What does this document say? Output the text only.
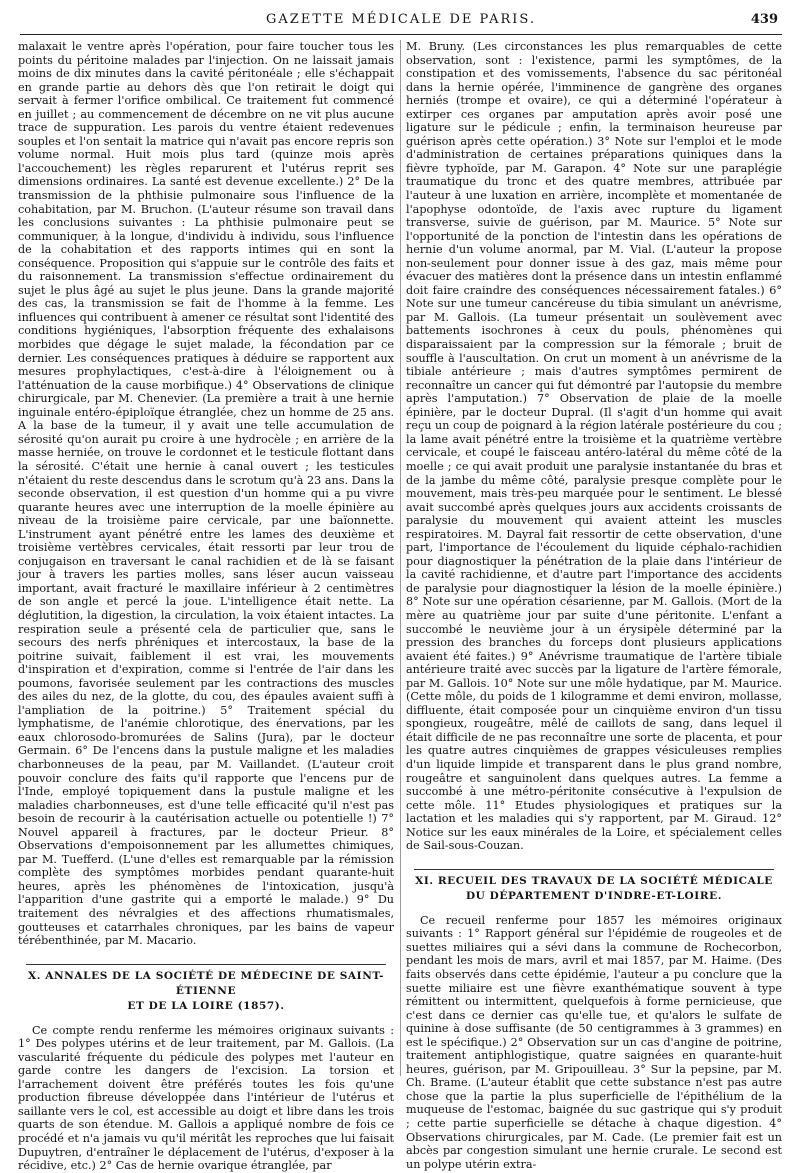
GAZETTE MÉDICALE DE PARIS.	439

malaxait le ventre après l'opération, pour faire toucher tous les points du péritoine malades par l'injection. On ne laissait jamais moins de dix minutes dans la cavité péritonéale ; elle s'échappait en grande partie au dehors dès que l'on retirait le doigt qui servait à fermer l'orifice ombilical. Ce traitement fut commencé en juillet ; au commencement de décembre on ne vit plus aucune trace de suppuration. Les parois du ventre étaient redevenues souples et l'on sentait la matrice qui n'avait pas encore repris son volume normal. Huit mois plus tard (quinze mois après l'accouchement) les règles reparurent et l'utérus reprit ses dimensions ordinaires. La santé est devenue excellente.) 2° De la transmission de la phthisie pulmonaire sous l'influence de la cohabitation, par M. Bruchon. (L'auteur résume son travail dans les conclusions suivantes : La phthisie pulmonaire peut se communiquer, à la longue, d'individu à individu, sous l'influence de la cohabitation et des rapports intimes qui en sont la conséquence. Proposition qui s'appuie sur le contrôle des faits et du raisonnement. La transmission s'effectue ordinairement du sujet le plus âgé au sujet le plus jeune. Dans la grande majorité des cas, la transmission se fait de l'homme à la femme. Les influences qui contribuent à amener ce résultat sont l'identité des conditions hygiéniques, l'absorption fréquente des exhalaisons morbides que dégage le sujet malade, la fécondation par ce dernier. Les conséquences pratiques à déduire se rapportent aux mesures prophylactiques, c'est-à-dire à l'éloignement ou à l'atténuation de la cause morbifique.) 4° Observations de clinique chirurgicale, par M. Chenevier. (La première a trait à une hernie inguinale entéro-épiploïque étranglée, chez un homme de 25 ans. A la base de la tumeur, il y avait une telle accumulation de sérosité qu'on aurait pu croire à une hydrocèle ; en arrière de la masse herniée, on trouve le cordonnet et le testicule flottant dans la sérosité. C'était une hernie à canal ouvert ; les testicules n'étaient du reste descendus dans le scrotum qu'à 23 ans. Dans la seconde observation, il est question d'un homme qui a pu vivre quarante heures avec une interruption de la moelle épinière au niveau de la troisième paire cervicale, par une baïonnette. L'instrument ayant pénétré entre les lames des deuxième et troisième vertèbres cervicales, était ressorti par leur trou de conjugaison en traversant le canal rachidien et de là se faisant jour à travers les parties molles, sans léser aucun vaisseau important, avait fracturé le maxillaire inférieur à 2 centimètres de son angle et percé la joue. L'intelligence était nette. La déglutition, la digestion, la circulation, la voix étaient intactes. La respiration seule a présenté cela de particulier que, sans le secours des nerfs phréniques et intercostaux, la base de la poitrine suivait, faiblement il est vrai, les mouvements d'inspiration et d'expiration, comme si l'entrée de l'air dans les poumons, favorisée seulement par les contractions des muscles des ailes du nez, de la glotte, du cou, des épaules avaient suffi à l'ampliation de la poitrine.) 5° Traitement spécial du lymphatisme, de l'anémie chlorotique, des énervations, par les eaux chlorosodo-bromurées de Salins (Jura), par le docteur Germain. 6° De l'encens dans la pustule maligne et les maladies charbonneuses de la peau, par M. Vaillandet. (L'auteur croit pouvoir conclure des faits qu'il rapporte que l'encens pur de l'Inde, employé topiquement dans la pustule maligne et les maladies charbonneuses, est d'une telle efficacité qu'il n'est pas besoin de recourir à la cautérisation actuelle ou potentielle !) 7° Nouvel appareil à fractures, par le docteur Prieur. 8° Observations d'empoisonnement par les allumettes chimiques, par M. Tuefferd. (L'une d'elles est remarquable par la rémission complète des symptômes morbides pendant quarante-huit heures, après les phénomènes de l'intoxication, jusqu'à l'apparition d'une gastrite qui a emporté le malade.) 9° Du traitement des névralgies et des affections rhumatismales, goutteuses et catarrhales chroniques, par les bains de vapeur térébenthinée, par M. Macario.

X. ANNALES DE LA SOCIÉTÉ DE MÉDECINE DE SAINT-ÉTIENNE
ET DE LA LOIRE (1857).

Ce compte rendu renferme les mémoires originaux suivants : 1° Des polypes utérins et de leur traitement, par M. Gallois. (La vascularité fréquente du pédicule des polypes met l'auteur en garde contre les dangers de l'excision. La torsion et l'arrachement doivent être préférés toutes les fois qu'une production fibreuse développée dans l'intérieur de l'utérus et saillante vers le col, est accessible au doigt et libre dans les trois quarts de son étendue. M. Gallois a appliqué nombre de fois ce procédé et n'a jamais vu qu'il méritât les reproches que lui faisait Dupuytren, d'entraîner le déplacement de l'utérus, d'exposer à la récidive, etc.) 2° Cas de hernie ovarique étranglée, par

M. Bruny. (Les circonstances les plus remarquables de cette observation, sont : l'existence, parmi les symptômes, de la constipation et des vomissements, l'absence du sac péritonéal dans la hernie opérée, l'imminence de gangrène des organes herniés (trompe et ovaire), ce qui a déterminé l'opérateur à extirper ces organes par amputation après avoir posé une ligature sur le pédicule ; enfin, la terminaison heureuse par guérison après cette opération.) 3° Note sur l'emploi et le mode d'administration de certaines préparations quiniques dans la fièvre typhoïde, par M. Garapon. 4° Note sur une paraplégie traumatique du tronc et des quatre membres, attribuée par l'auteur à une luxation en arrière, incomplète et momentanée de l'apophyse odontoïde, de l'axis avec rupture du ligament transverse, suivie de guérison, par M. Maurice. 5° Note sur l'opportunité de la ponction de l'intestin dans les opérations de hernie d'un volume anormal, par M. Vial. (L'auteur la propose non-seulement pour donner issue à des gaz, mais même pour évacuer des matières dont la présence dans un intestin enflammé doit faire craindre des conséquences nécessairement fatales.) 6° Note sur une tumeur cancéreuse du tibia simulant un anévrisme, par M. Gallois. (La tumeur présentait un soulèvement avec battements isochrones à ceux du pouls, phénomènes qui disparaissaient par la compression sur la fémorale ; bruit de souffle à l'auscultation. On crut un moment à un anévrisme de la tibiale antérieure ; mais d'autres symptômes permirent de reconnaître un cancer qui fut démontré par l'autopsie du membre après l'amputation.) 7° Observation de plaie de la moelle épinière, par le docteur Dupral. (Il s'agit d'un homme qui avait reçu un coup de poignard à la région latérale postérieure du cou ; la lame avait pénétré entre la troisième et la quatrième vertèbre cervicale, et coupé le faisceau antéro-latéral du même côté de la moelle ; ce qui avait produit une paralysie instantanée du bras et de la jambe du même côté, paralysie presque complète pour le mouvement, mais très-peu marquée pour le sentiment. Le blessé avait succombé après quelques jours aux accidents croissants de paralysie du mouvement qui avaient atteint les muscles respiratoires. M. Dayral fait ressortir de cette observation, d'une part, l'importance de l'écoulement du liquide céphalo-rachidien pour diagnostiquer la pénétration de la plaie dans l'intérieur de la cavité rachidienne, et d'autre part l'importance des accidents de paralysie pour diagnostiquer la lésion de la moelle épinière.) 8° Note sur une opération césarienne, par M. Gallois. (Mort de la mère au quatrième jour par suite d'une péritonite. L'enfant a succombé le neuvième jour à un érysipèle déterminé par la pression des branches du forceps dont plusieurs applications avaient été faites.) 9° Anévrisme traumatique de l'artère tibiale antérieure traité avec succès par la ligature de l'artère fémorale, par M. Gallois. 10° Note sur une môle hydatique, par M. Maurice. (Cette môle, du poids de 1 kilogramme et demi environ, mollasse, diffluente, était composée pour un cinquième environ d'un tissu spongieux, rougeâtre, mêlé de caillots de sang, dans lequel il était difficile de ne pas reconnaître une sorte de placenta, et pour les quatre autres cinquièmes de grappes vésiculeuses remplies d'un liquide limpide et transparent dans le plus grand nombre, rougeâtre et sanguinolent dans quelques autres. La femme a succombé à une métro-péritonite consécutive à l'expulsion de cette môle. 11° Etudes physiologiques et pratiques sur la lactation et les maladies qui s'y rapportent, par M. Giraud. 12° Notice sur les eaux minérales de la Loire, et spécialement celles de Sail-sous-Couzan.

XI. RECUEIL DES TRAVAUX DE LA SOCIÉTÉ MÉDICALE
DU DÉPARTEMENT D'INDRE-ET-LOIRE.

Ce recueil renferme pour 1857 les mémoires originaux suivants : 1° Rapport général sur l'épidémie de rougeoles et de suettes miliaires qui a sévi dans la commune de Rochecorbon, pendant les mois de mars, avril et mai 1857, par M. Haime. (Des faits observés dans cette épidémie, l'auteur a pu conclure que la suette miliaire est une fièvre exanthématique souvent à type rémittent ou intermittent, quelquefois à forme pernicieuse, que c'est dans ce dernier cas qu'elle tue, et qu'alors le sulfate de quinine à dose suffisante (de 50 centigrammes à 3 grammes) en est le spécifique.) 2° Observation sur un cas d'angine de poitrine, traitement antiphlogistique, quatre saignées en quarante-huit heures, guérison, par M. Gripouilleau. 3° Sur la pepsine, par M. Ch. Brame. (L'auteur établit que cette substance n'est pas autre chose que la partie la plus superficielle de l'épithélium de la muqueuse de l'estomac, baignée du suc gastrique qui s'y produit ; cette partie superficielle se détache à chaque digestion. 4° Observations chirurgicales, par M. Cade. (Le premier fait est un abcès par congestion simulant une hernie crurale. Le second est un polype utérin extra-
